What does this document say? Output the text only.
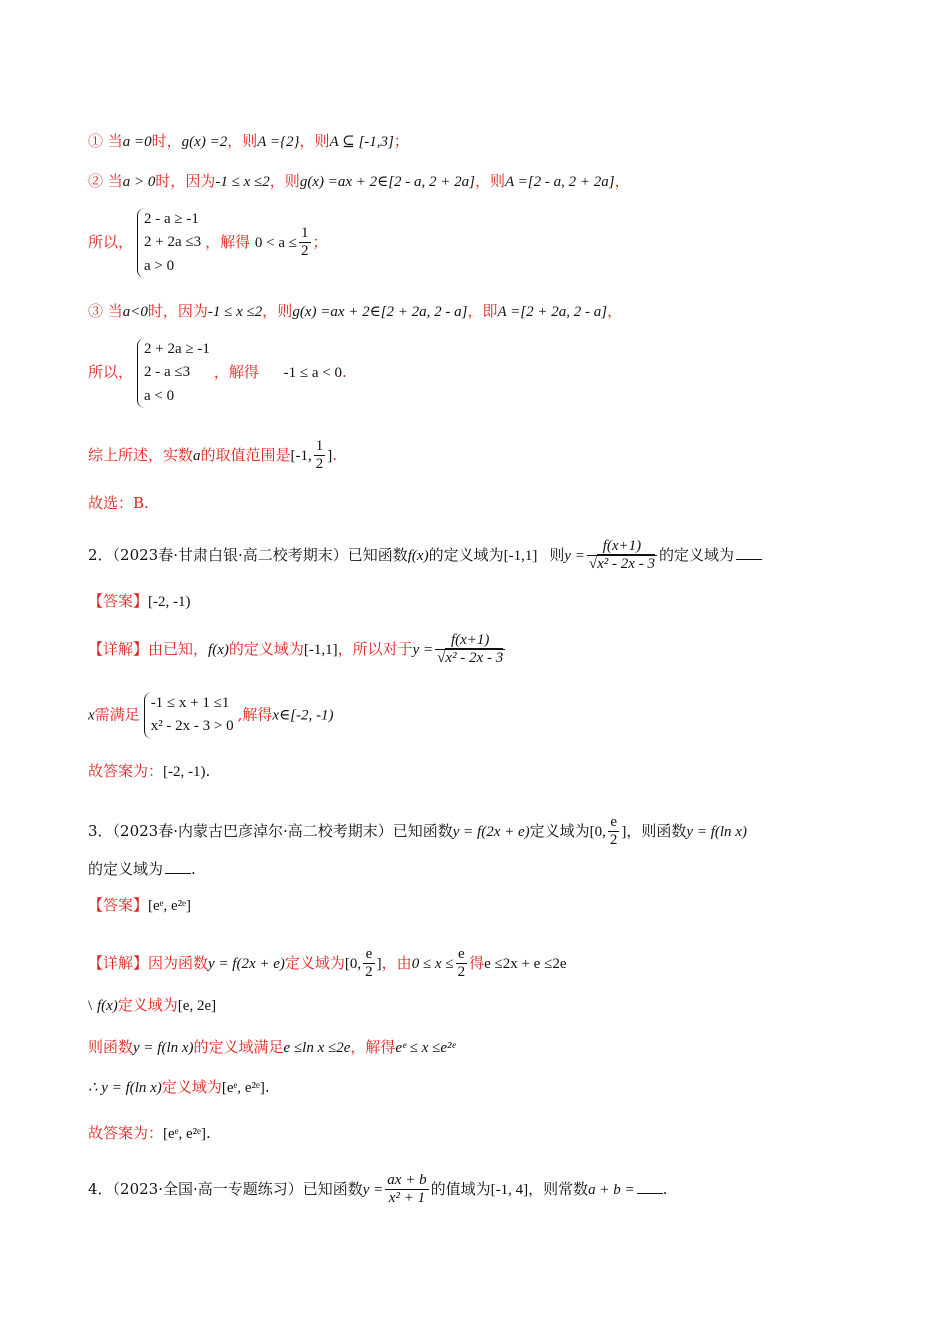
① 当a =0时，g(x) =2，则A ={2}，则A ⊆ [-1,3]；
② 当a > 0时，因为-1 ≤ x ≤2，则g(x) =ax + 2∈[2 - a, 2 + 2a]，则A =[2 - a, 2 + 2a]，
所以，
2 - a ≥ -1
2 + 2a ≤3
a > 0
，解得 $0 < a \le \frac{1}{2}$ ；
③ 当a<0时，因为-1 ≤ x ≤2，则g(x) =ax + 2∈[2 + 2a, 2 - a]，即A =[2 + 2a, 2 - a]，
所以，
2 + 2a ≥ -1
2 - a ≤3
a < 0
，解得 -1 ≤ a < 0.
综上所述，实数a的取值范围是[-1, $\frac{1}{2}$ ].
故选：B.
2．（2023春·甘肃白银·高二校考期末）已知函数f(x)的定义域为[-1,1] 则$y = \frac{f(x+1)}{\text{√x² - 2x - 3}}$ 的定义域为
【答案】[-2, -1)
【详解】由已知，f(x)的定义域为[-1,1]，所以对于$y = \frac{f(x+1)}{\text{√x² - 2x - 3}}$
x需满足
-1 ≤ x + 1 ≤1
x² - 2x - 3 > 0
,解得x∈[-2, -1)
故答案为：[-2, -1).
3．（2023春·内蒙古巴彦淖尔·高二校考期末）已知函数y = f(2x + e)定义域为[0, $\frac{e}{2}$ ]，则函数y = f(ln x)
的定义域为 .
【答案】[eᵉ, e²ᵉ]
【详解】因为函数y = f(2x + e)定义域为[0, $\frac{e}{2}$ ]，由$0 \le x \le \frac{e}{2}$ 得e ≤2x + e ≤2e
\ f(x)定义域为[e, 2e]
则函数y = f(ln x)的定义域满足e ≤ln x ≤2e，解得eᵉ ≤ x ≤e²ᵉ
∴ y = f(ln x)定义域为[eᵉ, e²ᵉ].
故答案为：[eᵉ, e²ᵉ].
4．（2023·全国·高一专题练习）已知函数$y = \frac{ax + b}{\text{x² + 1}}$ 的值域为[-1, 4]，则常数a + b = .
